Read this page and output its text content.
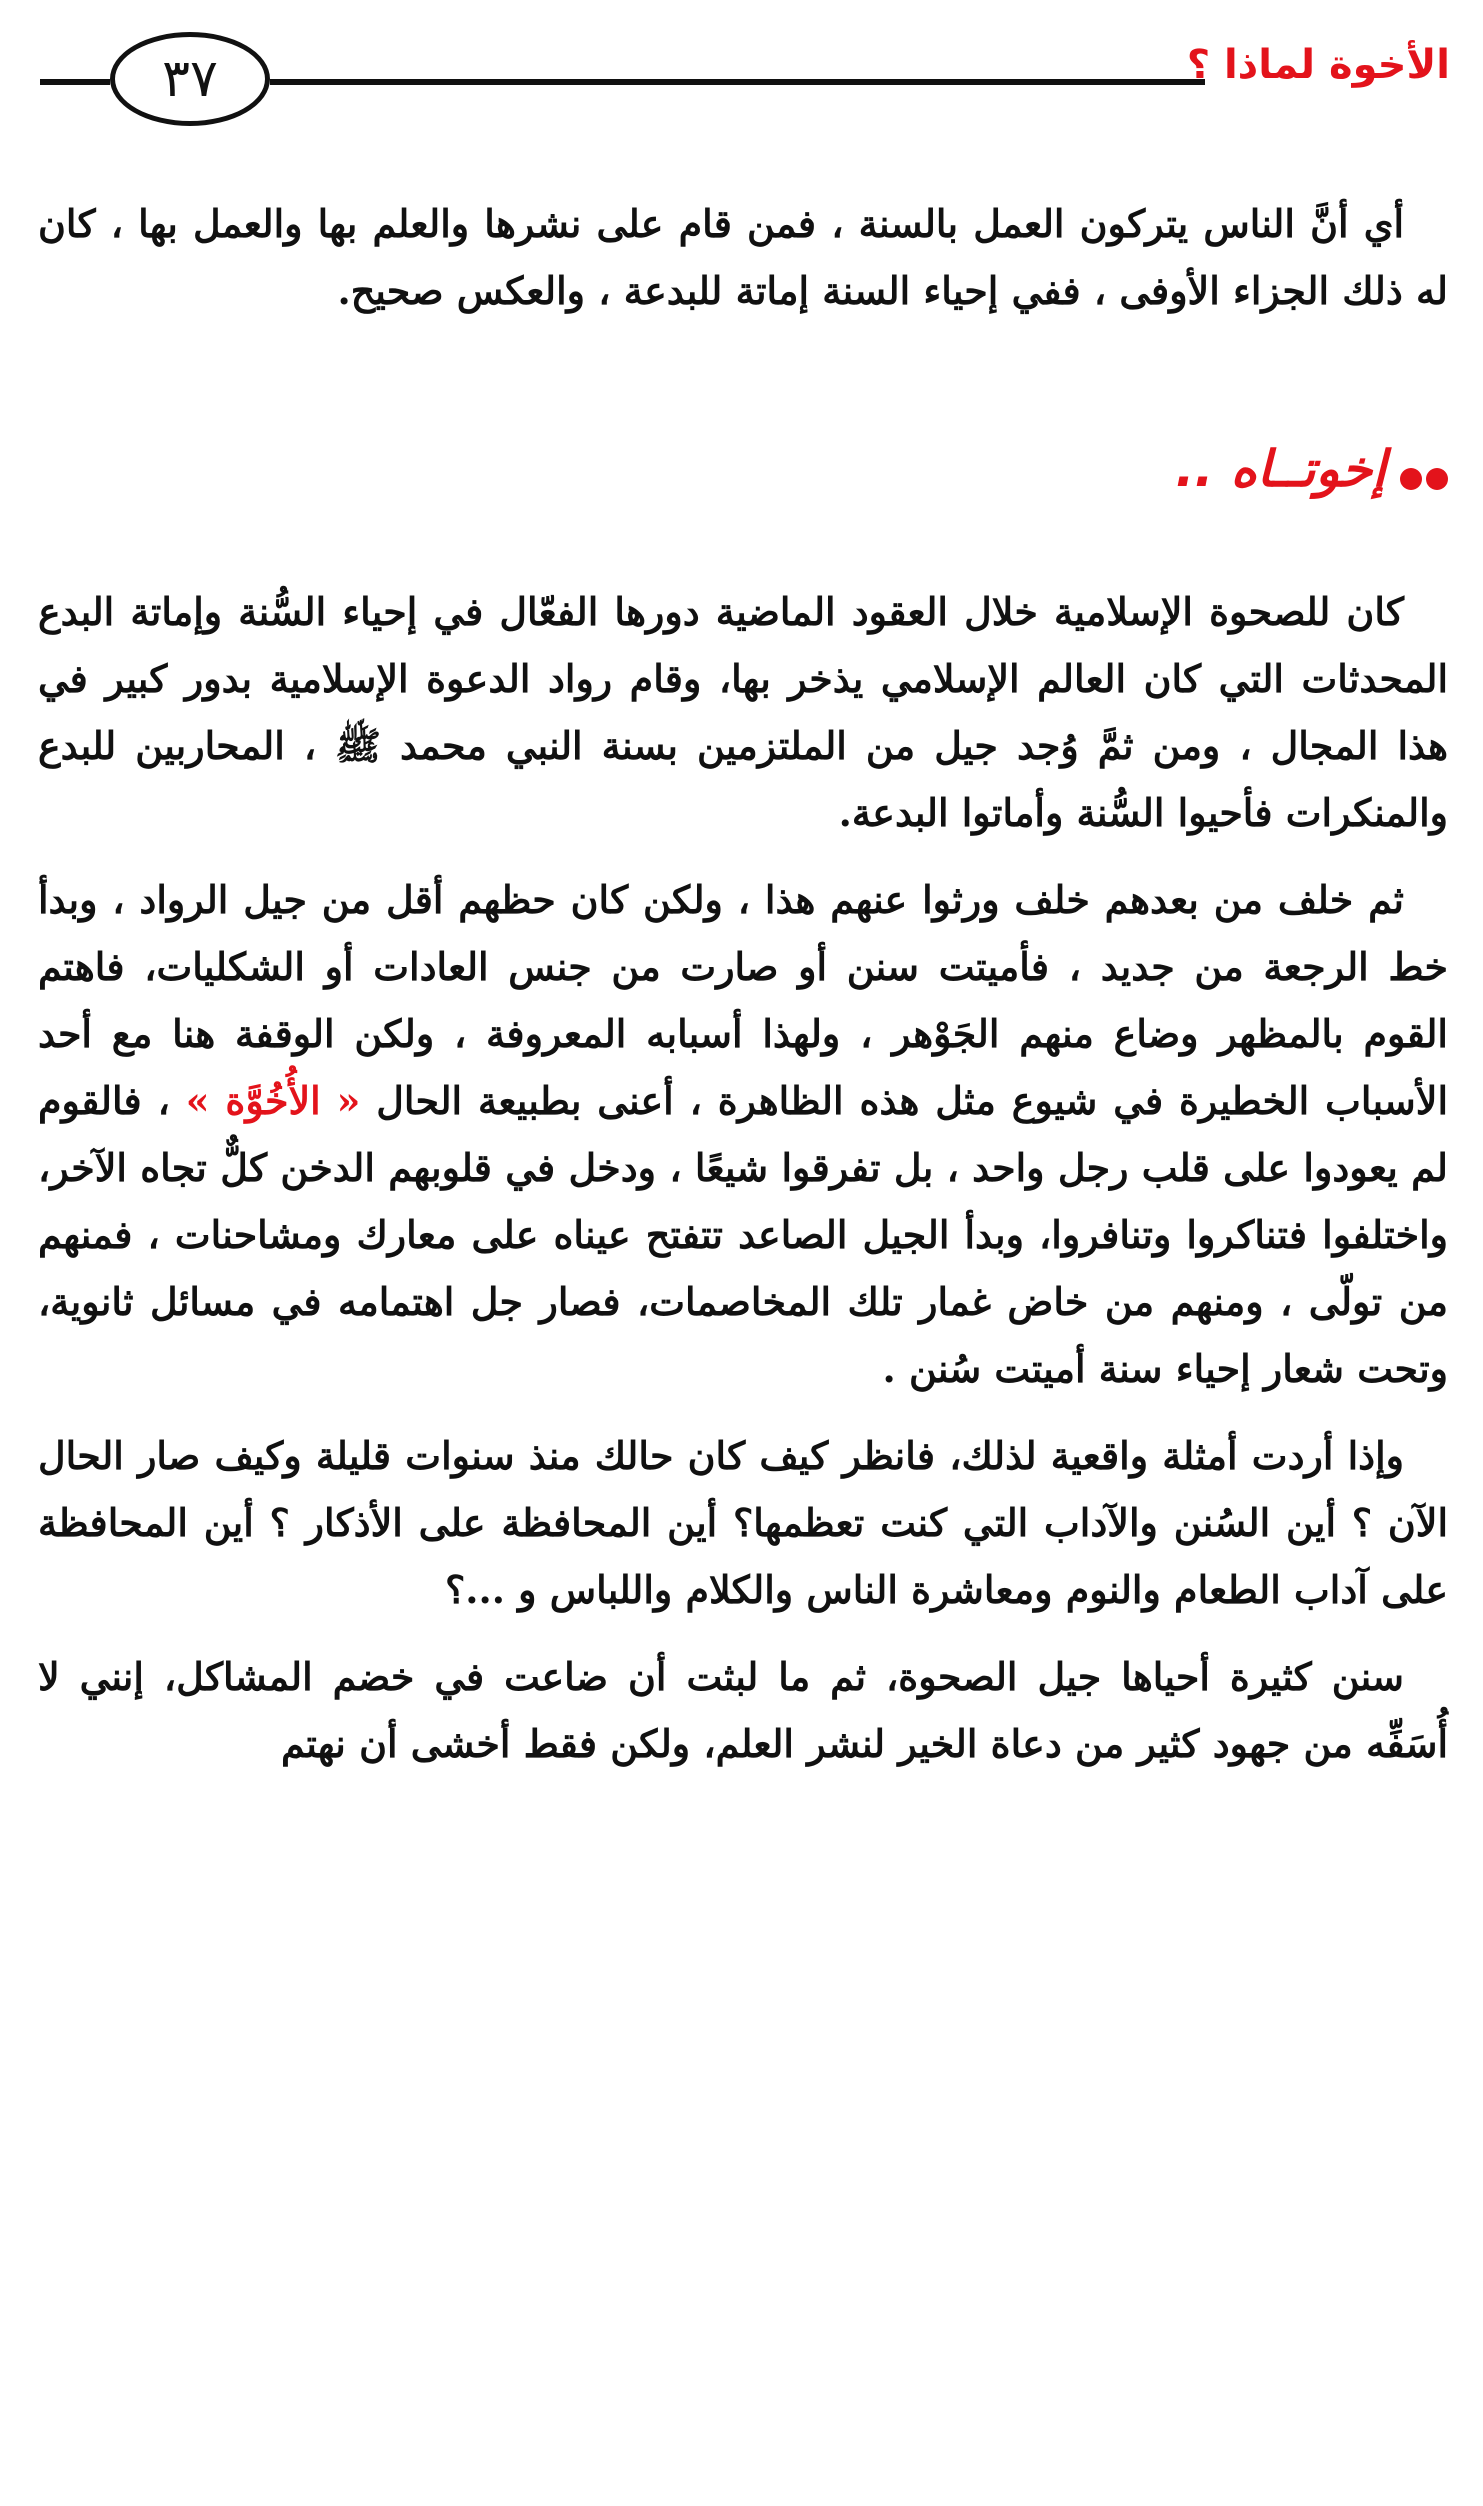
٣٧	الأخوة لماذا ؟

أي أنَّ الناس يتركون العمل بالسنة ، فمن قام على نشرها والعلم بها والعمل بها ، كان له ذلك الجزاء الأوفى ، ففي إحياء السنة إماتة للبدعة ، والعكس صحيح.

إخوتــاه ..

كان للصحوة الإسلامية خلال العقود الماضية دورها الفعّال في إحياء السُّنة وإماتة البدع المحدثات التي كان العالم الإسلامي يذخر بها، وقام رواد الدعوة الإسلامية بدور كبير في هذا المجال ، ومن ثمَّ وُجد جيل من الملتزمين بسنة النبي محمد ﷺ ، المحاربين للبدع والمنكرات فأحيوا السُّنة وأماتوا البدعة.

ثم خلف من بعدهم خلف ورثوا عنهم هذا ، ولكن كان حظهم أقل من جيل الرواد ، وبدأ خط الرجعة من جديد ، فأميتت سنن أو صارت من جنس العادات أو الشكليات، فاهتم القوم بالمظهر وضاع منهم الجَوْهر ، ولهذا أسبابه المعروفة ، ولكن الوقفة هنا مع أحد الأسباب الخطيرة في شيوع مثل هذه الظاهرة ، أعنى بطبيعة الحال « الأُخُوَّة » ، فالقوم لم يعودوا على قلب رجل واحد ، بل تفرقوا شيعًا ، ودخل في قلوبهم الدخن كلٌّ تجاه الآخر، واختلفوا فتناكروا وتنافروا، وبدأ الجيل الصاعد تتفتح عيناه على معارك ومشاحنات ، فمنهم من تولّى ، ومنهم من خاض غمار تلك المخاصمات، فصار جل اهتمامه في مسائل ثانوية، وتحت شعار إحياء سنة أميتت سُنن .

وإذا أردت أمثلة واقعية لذلك، فانظر كيف كان حالك منذ سنوات قليلة وكيف صار الحال الآن ؟ أين السُنن والآداب التي كنت تعظمها؟ أين المحافظة على الأذكار ؟ أين المحافظة على آداب الطعام والنوم ومعاشرة الناس والكلام واللباس و ...؟

سنن كثيرة أحياها جيل الصحوة، ثم ما لبثت أن ضاعت في خضم المشاكل، إنني لا أُسَفِّه من جهود كثير من دعاة الخير لنشر العلم، ولكن فقط أخشى أن نهتم
